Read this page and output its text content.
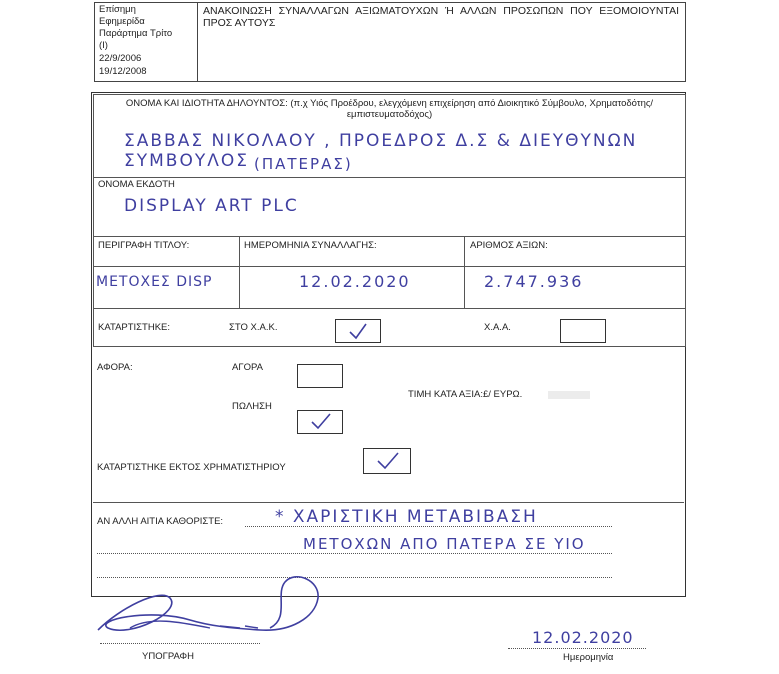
Επίσημη
Εφημερίδα
Παράρτημα Τρίτο
(Ι)
22/9/2006
19/12/2008
ΑΝΑΚΟΙΝΩΣΗ ΣΥΝΑΛΛΑΓΩΝ ΑΞΙΩΜΑΤΟΥΧΩΝ Ή ΑΛΛΩΝ ΠΡΟΣΩΠΩΝ ΠΟΥ ΕΞΟΜΟΙΟΥΝΤΑΙ ΠΡΟΣ ΑΥΤΟΥΣ
ΟΝΟΜΑ ΚΑΙ ΙΔΙΟΤΗΤΑ ΔΗΛΟΥΝΤΟΣ: (π.χ Υιός Προέδρου, ελεγχόμενη επιχείρηση από Διοικητικό Σύμβουλο, Χρηματοδότης/ εμπιστευματοδόχος)
ΣΑΒΒΑΣ ΝΙΚΟΛΑΟΥ , ΠΡΟΕΔΡΟΣ Δ.Σ & ΔΙΕΥΘΥΝΩΝ ΣΥΜΒΟΥΛΟΣ (ΠΑΤΕΡΑΣ)
ΟΝΟΜΑ ΕΚΔΟΤΗ
DISPLAY ART PLC
ΠΕΡΙΓΡΑΦΗ ΤΙΤΛΟΥ:	ΗΜΕΡΟΜΗΝΙΑ ΣΥΝΑΛΛΑΓΗΣ:	ΑΡΙΘΜΟΣ ΑΞΙΩΝ:
ΜΕΤΟΧΕΣ DISP	12.02.2020	2.747.936
ΚΑΤΑΡΤΙΣΤΗΚΕ:	ΣΤΟ Χ.Α.Κ.	Χ.Α.Α.
ΑΦΟΡΑ:	ΑΓΟΡΑ
ΠΩΛΗΣΗ
ΤΙΜΗ ΚΑΤΑ ΑΞΙΑ:£/ ΕΥΡΩ.
ΚΑΤΑΡΤΙΣΤΗΚΕ ΕΚΤΟΣ ΧΡΗΜΑΤΙΣΤΗΡΙΟΥ
ΑΝ ΑΛΛΗ ΑΙΤΙΑ ΚΑΘΟΡΙΣΤΕ:	* ΧΑΡΙΣΤΙΚΗ ΜΕΤΑΒΙΒΑΣΗ
ΜΕΤΟΧΩΝ ΑΠΟ ΠΑΤΕΡΑ ΣΕ ΥΙΟ
ΥΠΟΓΡΑΦΗ
12.02.2020
Ημερομηνία
